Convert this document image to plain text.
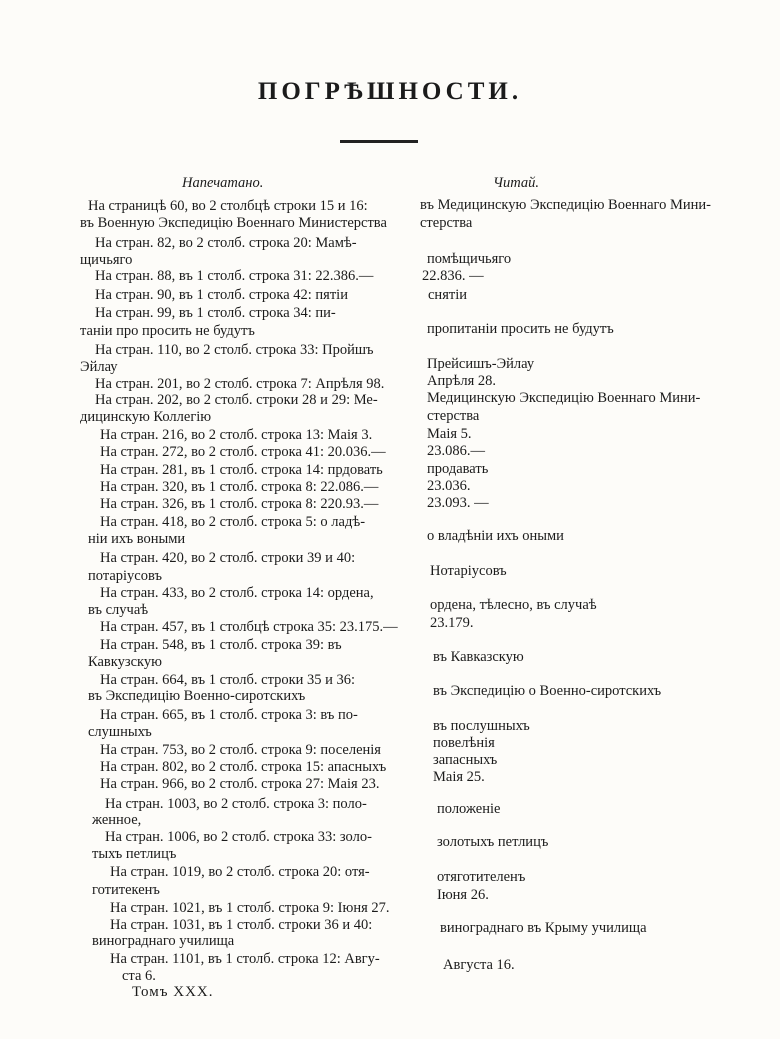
ПОГРѢШНОСТИ.
Напечатано.	Читай.
На страницѣ 60, во 2 столбцѣ строки 15 и 16:
въ Военную Экспедицію Военнаго Министерства
На стран. 82, во 2 столб. строка 20: Мамѣ-
щичьяго
На стран. 88, въ 1 столб. строка 31: 22.386.—
На стран. 90, въ 1 столб. строка 42: пятіи
На стран. 99, въ 1 столб. строка 34: пи-
таніи про просить не будутъ
На стран. 110, во 2 столб. строка 33: Пройшъ
Эйлау
На стран. 201, во 2 столб. строка 7: Апрѣля 98.
На стран. 202, во 2 столб. строки 28 и 29: Ме-
дицинскую Коллегію
На стран. 216, во 2 столб. строка 13: Маія 3.
На стран. 272, во 2 столб. строка 41: 20.036.—
На стран. 281, въ 1 столб. строка 14: прдовать
На стран. 320, въ 1 столб. строка 8: 22.086.—
На стран. 326, въ 1 столб. строка 8: 220.93.—
На стран. 418, во 2 столб. строка 5: о ладѣ-
ніи ихъ воными
На стран. 420, во 2 столб. строки 39 и 40:
потаріусовъ
На стран. 433, во 2 столб. строка 14: ордена,
въ случаѣ
На стран. 457, въ 1 столбцѣ строка 35: 23.175.—
На стран. 548, въ 1 столб. строка 39: въ
Кавкузскую
На стран. 664, въ 1 столб. строки 35 и 36:
въ Экспедицію Военно-сиротскихъ
На стран. 665, въ 1 столб. строка 3: въ по-
слушныхъ
На стран. 753, во 2 столб. строка 9: поселенія
На стран. 802, во 2 столб. строка 15: апасныхъ
На стран. 966, во 2 столб. строка 27: Маія 23.
На стран. 1003, во 2 столб. строка 3: поло-
женное,
На стран. 1006, во 2 столб. строка 33: золо-
тыхъ петлицъ
На стран. 1019, во 2 столб. строка 20: отя-
готитекенъ
На стран. 1021, въ 1 столб. строка 9: Іюня 27.
На стран. 1031, въ 1 столб. строки 36 и 40:
винограднаго училища
На стран. 1101, въ 1 столб. строка 12: Авгу-
ста 6.
въ Медицинскую Экспедицію Военнаго Мини-
стерства
помѣщичьяго
22.836. —
снятіи
пропитаніи просить не будутъ
Прейсишъ-Эйлау
Апрѣля 28.
Медицинскую Экспедицію Военнаго Мини-
стерства
Маія 5.
23.086.—
продавать
23.036.
23.093. —
о владѣніи ихъ оными
Нотаріусовъ
ордена, тѣлесно, въ случаѣ
23.179.
въ Кавказскую
въ Экспедицію о Военно-сиротскихъ
въ послушныхъ
повелѣнія
запасныхъ
Маія 25.
положеніе
золотыхъ петлицъ
отяготителенъ
Іюня 26.
винограднаго въ Крыму училища
Августа 16.
Томъ XXX.
